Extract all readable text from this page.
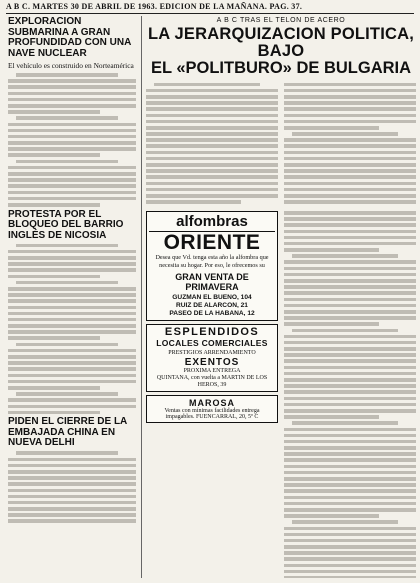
A B C. MARTES 30 DE ABRIL DE 1963. EDICION DE LA MAÑANA. PAG. 37.
EXPLORACION SUBMARINA A GRAN PROFUNDIDAD CON UNA NAVE NUCLEAR
El vehículo es construido en Norteamérica
PROTESTA POR EL BLOQUEO DEL BARRIO INGLÉS DE NICOSIA
PIDEN EL CIERRE DE LA EMBAJADA CHINA EN NUEVA DELHI
A B C TRAS EL TELON DE ACERO
LA JERARQUIZACION POLITICA, BAJO
EL «POLITBURO» DE BULGARIA
alfombras
ORIENTE
Desea que Vd. tenga esta año la alfombra que necesita su hogar. Por eso, le ofrecemos su
GRAN VENTA DE
PRIMAVERA
GUZMAN EL BUENO, 104
RUIZ DE ALARCON, 21
PASEO DE LA HABANA, 12
ESPLENDIDOS
LOCALES COMERCIALES
PRESTIGIOS ARRENDAMIENTO
EXENTOS
PROXIMA ENTREGA
QUINTANA, con vuelta a MARTIN DE LOS HEROS, 39
MAROSA
Ventas con mínimas facilidades entrega
impagables. FUENCARRAL, 20, 5º C
